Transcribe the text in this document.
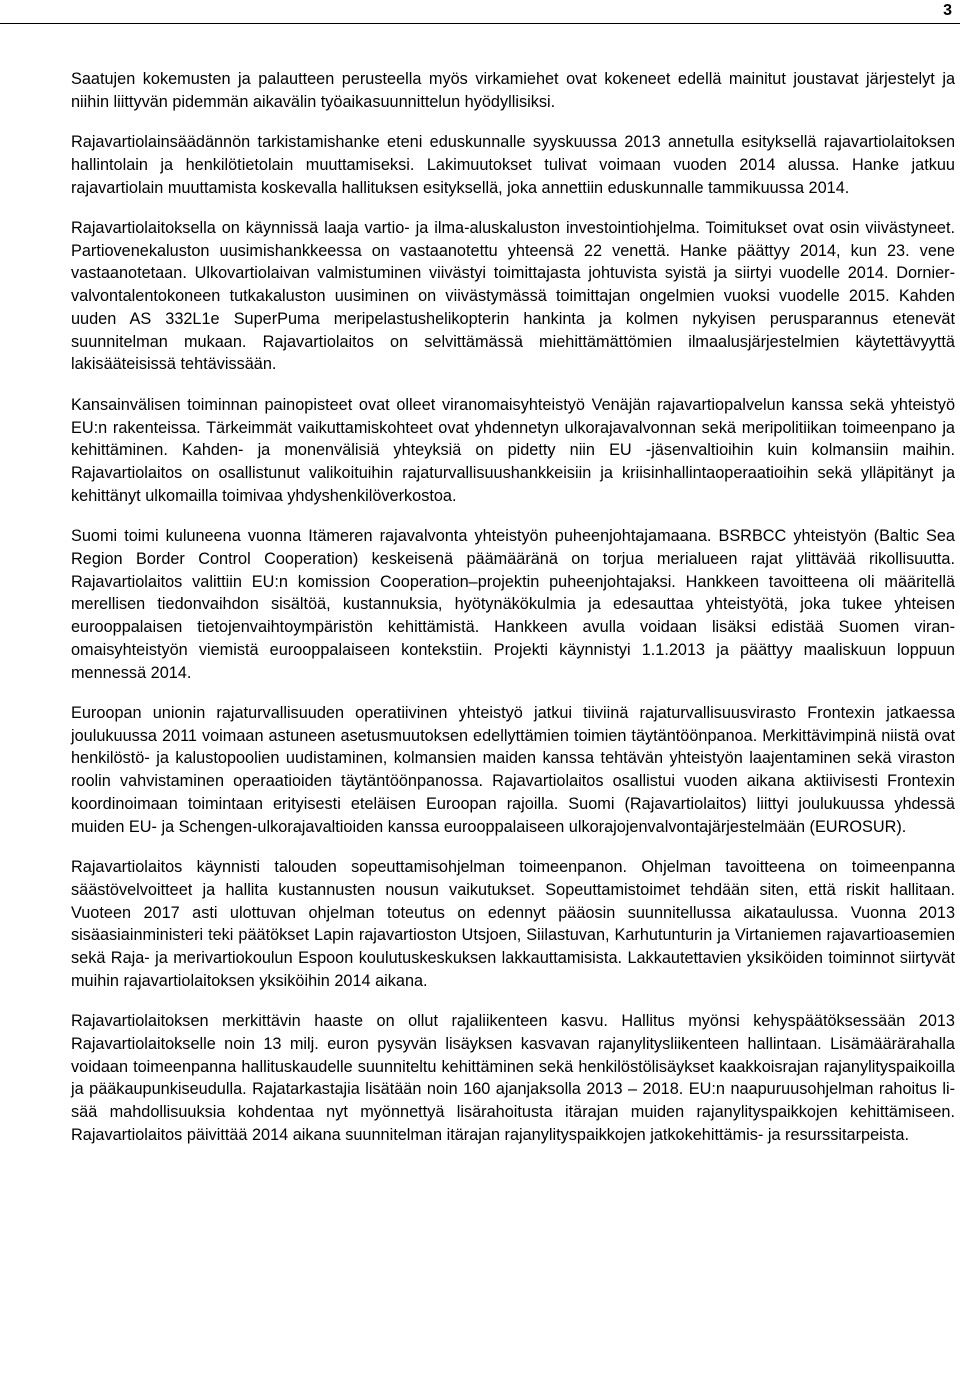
3

Saatujen kokemusten ja palautteen perusteella myös virkamiehet ovat kokeneet edellä mainitut joustavat järjestelyt ja niihin liittyvän pidemmän aikavälin työaikasuunnittelun hyödyllisiksi.

Rajavartiolainsäädännön tarkistamishanke eteni eduskunnalle syyskuussa 2013 annetulla esityksellä rajavartiolaitoksen hallintolain ja henkilötietolain muuttamiseksi. Lakimuutokset tulivat voimaan vuoden 2014 alussa. Hanke jatkuu rajavartiolain muuttamista koskevalla hallituksen esityksellä, joka annettiin eduskunnalle tammikuussa 2014.

Rajavartiolaitoksella on käynnissä laaja vartio- ja ilma-aluskaluston investointiohjelma. Toimitukset ovat osin viivästyneet. Partiovenekaluston uusimishankkeessa on vastaanotettu yhteensä 22 venettä. Hanke päättyy 2014, kun 23. vene vastaanotetaan. Ulkovartiolaivan valmistuminen viivästyi toimittajasta johtuvista syistä ja siirtyi vuodelle 2014. Dornier-valvontalentokoneen tutkakaluston uusiminen on viivästymässä toimittajan ongelmien vuoksi vuodelle 2015. Kahden uuden AS 332L1e SuperPuma meripelastushelikopterin hankinta ja kolmen nykyisen perusparannus etenevät suunnitelman mukaan. Rajavartiolaitos on selvittämässä miehittämättömien ilmaalusjärjestelmien käytettävyyttä lakisääteisissä tehtävissään.

Kansainvälisen toiminnan painopisteet ovat olleet viranomaisyhteistyö Venäjän rajavartiopalvelun kanssa sekä yhteistyö EU:n rakenteissa. Tärkeimmät vaikuttamiskohteet ovat yhdennetyn ulkorajavalvonnan sekä meripolitiikan toimeenpano ja kehittäminen. Kahden- ja monenvälisiä yhteyksiä on pidetty niin EU -jäsenvaltioihin kuin kolmansiin maihin. Rajavartiolaitos on osallistunut valikoituihin rajaturvallisuushankkeisiin ja kriisinhallintaoperaatioihin sekä ylläpitänyt ja kehittänyt ulkomailla toimivaa yhdyshenkilöverkostoa.

Suomi toimi kuluneena vuonna Itämeren rajavalvonta yhteistyön puheenjohtajamaana. BSRBCC yhteistyön (Baltic Sea Region Border Control Cooperation) keskeisenä päämääränä on torjua merialueen rajat ylittävää rikollisuutta. Rajavartiolaitos valittiin EU:n komission Cooperation–projektin puheenjohtajaksi. Hankkeen tavoitteena oli määritellä merellisen tiedonvaihdon sisältöä, kustannuksia, hyötynäkökulmia ja edesauttaa yhteistyötä, joka tukee yhteisen eurooppalaisen tietojenvaihtoympäristön kehittämistä. Hankkeen avulla voidaan lisäksi edistää Suomen viranomaisyhteistyön viemistä eurooppalaiseen kontekstiin. Projekti käynnistyi 1.1.2013 ja päättyy maaliskuun loppuun mennessä 2014.

Euroopan unionin rajaturvallisuuden operatiivinen yhteistyö jatkui tiiviinä rajaturvallisuusvirasto Frontexin jatkaessa joulukuussa 2011 voimaan astuneen asetusmuutoksen edellyttämien toimien täytäntöönpanoa. Merkittävimpinä niistä ovat henkilöstö- ja kalustopoolien uudistaminen, kolmansien maiden kanssa tehtävän yhteistyön laajentaminen sekä viraston roolin vahvistaminen operaatioiden täytäntöönpanossa. Rajavartiolaitos osallistui vuoden aikana aktiivisesti Frontexin koordinoimaan toimintaan erityisesti eteläisen Euroopan rajoilla. Suomi (Rajavartiolaitos) liittyi joulukuussa yhdessä muiden EU- ja Schengen-ulkorajavaltioiden kanssa eurooppalaiseen ulkorajojenvalvontajärjestelmään (EUROSUR).

Rajavartiolaitos käynnisti talouden sopeuttamisohjelman toimeenpanon. Ohjelman tavoitteena on toimeenpanna säästövelvoitteet ja hallita kustannusten nousun vaikutukset. Sopeuttamistoimet tehdään siten, että riskit hallitaan. Vuoteen 2017 asti ulottuvan ohjelman toteutus on edennyt pääosin suunnitellussa aikataulussa. Vuonna 2013 sisäasiainministeri teki päätökset Lapin rajavartioston Utsjoen, Siilastuvan, Karhutunturin ja Virtaniemen rajavartioasemien sekä Raja- ja merivartiokoulun Espoon koulutuskeskuksen lakkauttamisista. Lakkautettavien yksiköiden toiminnot siirtyvät muihin rajavartiolaitoksen yksiköihin 2014 aikana.

Rajavartiolaitoksen merkittävin haaste on ollut rajaliikenteen kasvu. Hallitus myönsi kehyspäätöksessään 2013 Rajavartiolaitokselle noin 13 milj. euron pysyvän lisäyksen kasvavan rajanylitysliikenteen hallintaan. Lisämäärärahalla voidaan toimeenpanna hallituskaudelle suunniteltu kehittäminen sekä henkilöstölisäykset kaakkoisrajan rajanylityspaikoilla ja pääkaupunkiseudulla. Rajatarkastajia lisätään noin 160 ajanjaksolla 2013 – 2018. EU:n naapuruusohjelman rahoitus lisää mahdollisuuksia kohdentaa nyt myönnettyä lisärahoitusta itärajan muiden rajanylityspaikkojen kehittämiseen. Rajavartiolaitos päivittää 2014 aikana suunnitelman itärajan rajanylityspaikkojen jatkokehittämis- ja resurssitarpeista.
